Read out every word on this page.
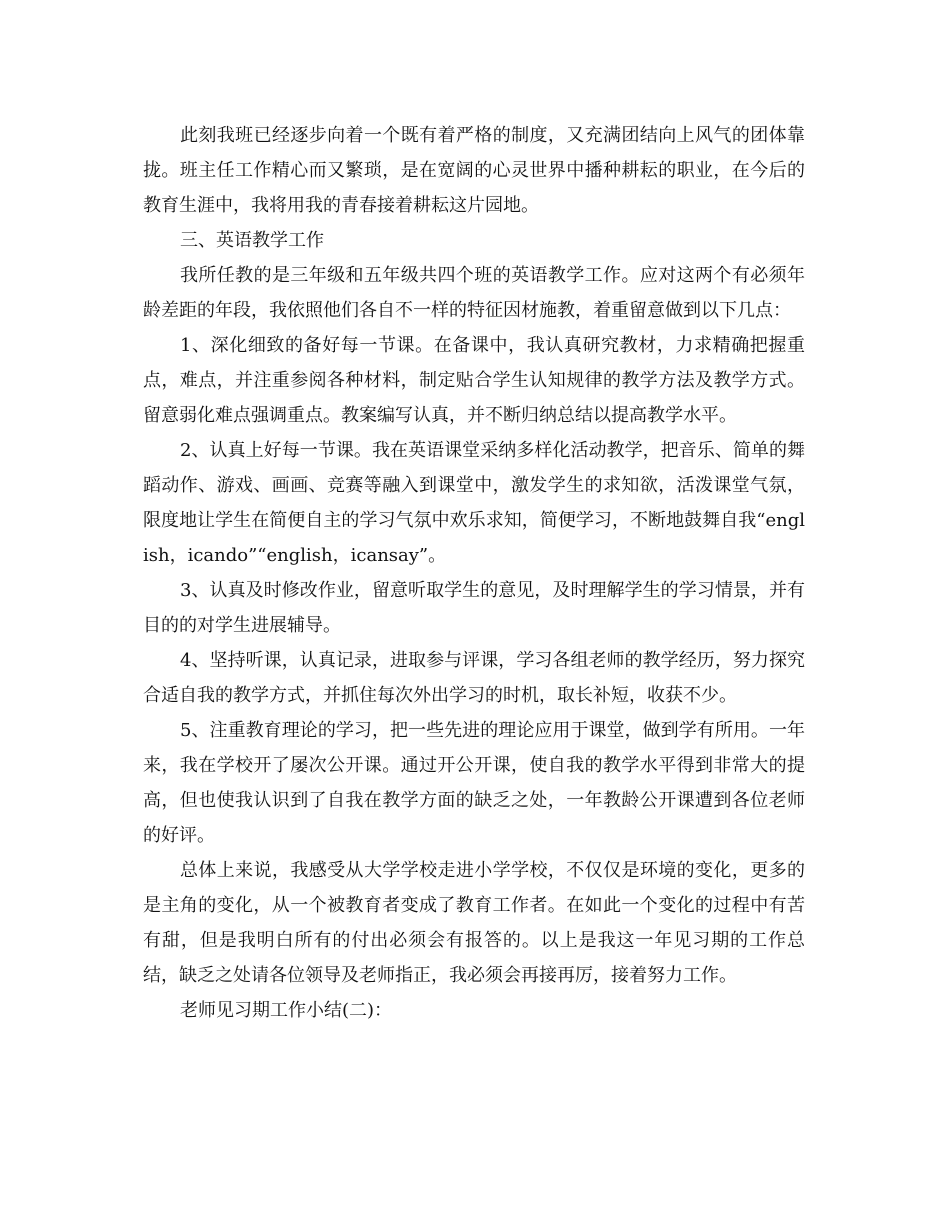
此刻我班已经逐步向着一个既有着严格的制度，又充满团结向上风气的团体靠拢。班主任工作精心而又繁琐，是在宽阔的心灵世界中播种耕耘的职业，在今后的教育生涯中，我将用我的青春接着耕耘这片园地。

三、英语教学工作

我所任教的是三年级和五年级共四个班的英语教学工作。应对这两个有必须年龄差距的年段，我依照他们各自不一样的特征因材施教，着重留意做到以下几点：

1、深化细致的备好每一节课。在备课中，我认真研究教材，力求精确把握重点，难点，并注重参阅各种材料，制定贴合学生认知规律的教学方法及教学方式。留意弱化难点强调重点。教案编写认真，并不断归纳总结以提高教学水平。

2、认真上好每一节课。我在英语课堂采纳多样化活动教学，把音乐、简单的舞蹈动作、游戏、画画、竞赛等融入到课堂中，激发学生的求知欲，活泼课堂气氛，限度地让学生在简便自主的学习气氛中欢乐求知，简便学习，不断地鼓舞自我“english，icando”“english，icansay”。

3、认真及时修改作业，留意听取学生的意见，及时理解学生的学习情景，并有目的的对学生进展辅导。

4、坚持听课，认真记录，进取参与评课，学习各组老师的教学经历，努力探究合适自我的教学方式，并抓住每次外出学习的时机，取长补短，收获不少。

5、注重教育理论的学习，把一些先进的理论应用于课堂，做到学有所用。一年来，我在学校开了屡次公开课。通过开公开课，使自我的教学水平得到非常大的提高，但也使我认识到了自我在教学方面的缺乏之处，一年教龄公开课遭到各位老师的好评。

总体上来说，我感受从大学学校走进小学学校，不仅仅是环境的变化，更多的是主角的变化，从一个被教育者变成了教育工作者。在如此一个变化的过程中有苦有甜，但是我明白所有的付出必须会有报答的。以上是我这一年见习期的工作总结，缺乏之处请各位领导及老师指正，我必须会再接再厉，接着努力工作。

老师见习期工作小结(二)：
